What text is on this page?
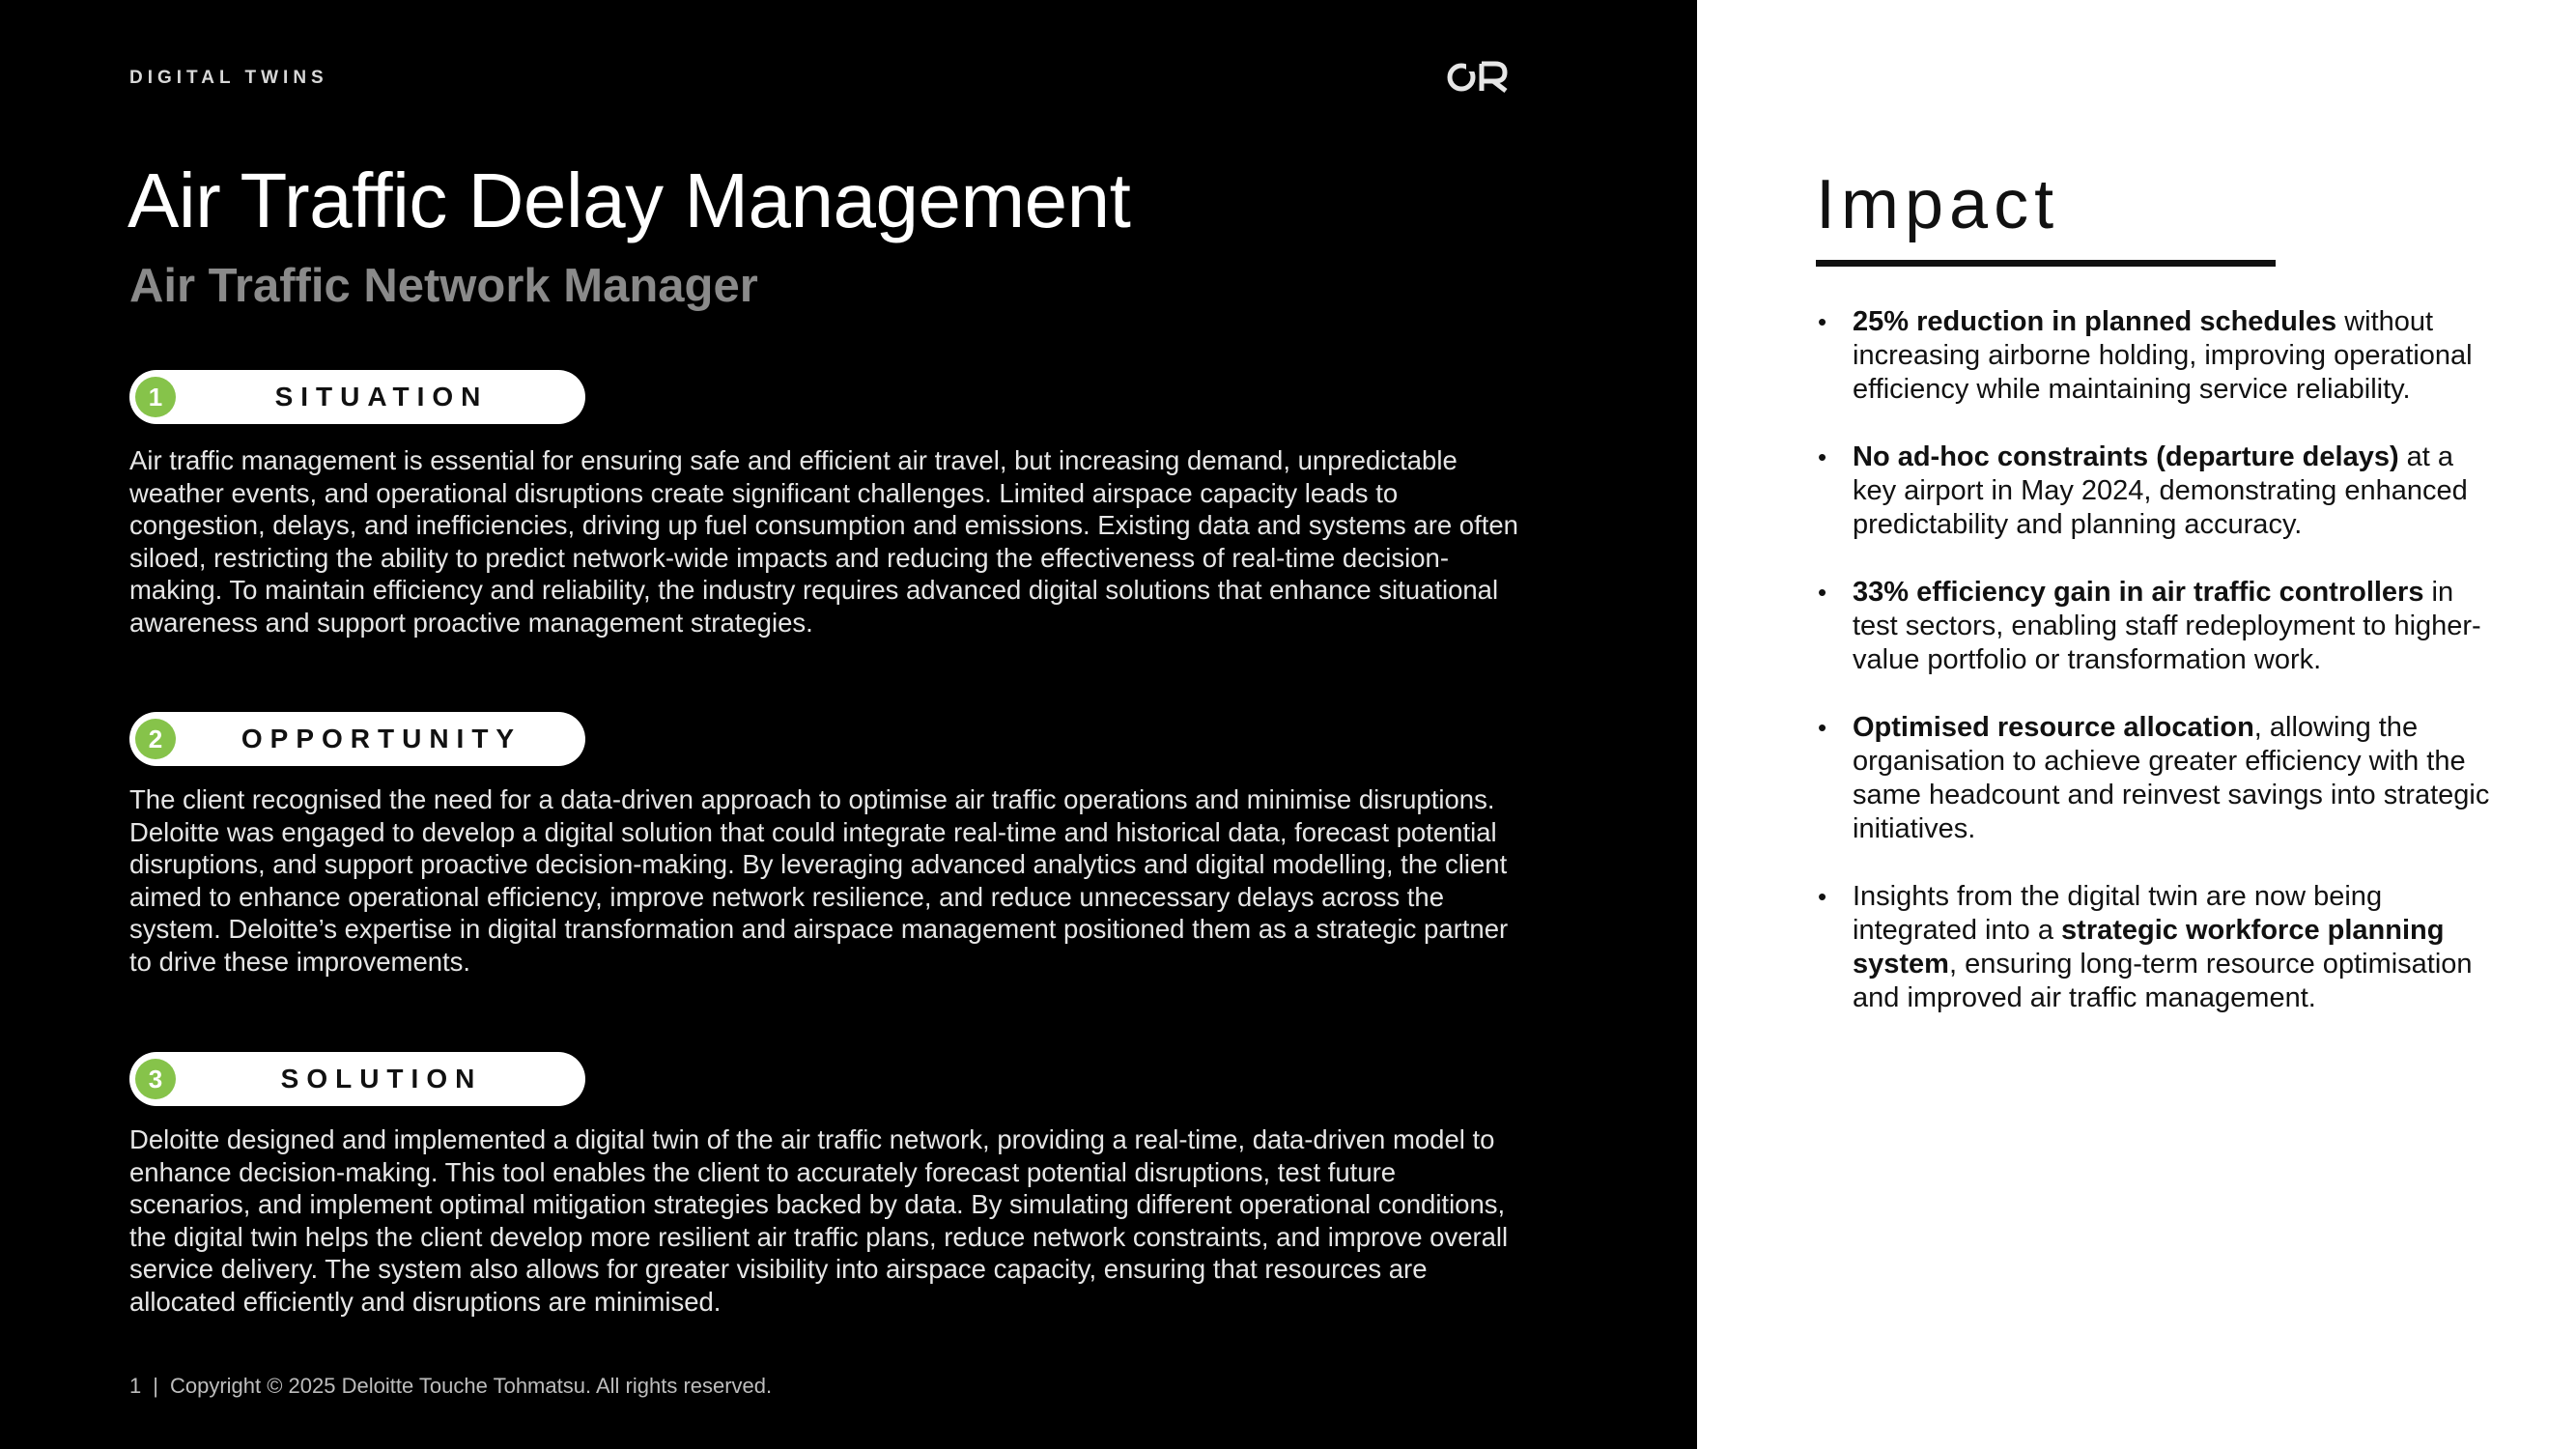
DIGITAL TWINS
Air Traffic Delay Management
Air Traffic Network Manager
1	SITUATION

Air traffic management is essential for ensuring safe and efficient air travel, but increasing demand, unpredictable weather events, and operational disruptions create significant challenges. Limited airspace capacity leads to congestion, delays, and inefficiencies, driving up fuel consumption and emissions. Existing data and systems are often siloed, restricting the ability to predict network-wide impacts and reducing the effectiveness of real-time decision-making. To maintain efficiency and reliability, the industry requires advanced digital solutions that enhance situational awareness and support proactive management strategies.

2	OPPORTUNITY

The client recognised the need for a data-driven approach to optimise air traffic operations and minimise disruptions. Deloitte was engaged to develop a digital solution that could integrate real-time and historical data, forecast potential disruptions, and support proactive decision-making. By leveraging advanced analytics and digital modelling, the client aimed to enhance operational efficiency, improve network resilience, and reduce unnecessary delays across the system. Deloitte’s expertise in digital transformation and airspace management positioned them as a strategic partner to drive these improvements.

3	SOLUTION

Deloitte designed and implemented a digital twin of the air traffic network, providing a real-time, data-driven model to enhance decision-making. This tool enables the client to accurately forecast potential disruptions, test future scenarios, and implement optimal mitigation strategies backed by data. By simulating different operational conditions, the digital twin helps the client develop more resilient air traffic plans, reduce network constraints, and improve overall service delivery. The system also allows for greater visibility into airspace capacity, ensuring that resources are allocated efficiently and disruptions are minimised.

1 | Copyright © 2025 Deloitte Touche Tohmatsu. All rights reserved.
Impact
• 25% reduction in planned schedules without increasing airborne holding, improving operational efficiency while maintaining service reliability.
• No ad-hoc constraints (departure delays) at a key airport in May 2024, demonstrating enhanced predictability and planning accuracy.
• 33% efficiency gain in air traffic controllers in test sectors, enabling staff redeployment to higher-value portfolio or transformation work.
• Optimised resource allocation, allowing the organisation to achieve greater efficiency with the same headcount and reinvest savings into strategic initiatives.
• Insights from the digital twin are now being integrated into a strategic workforce planning system, ensuring long-term resource optimisation and improved air traffic management.
